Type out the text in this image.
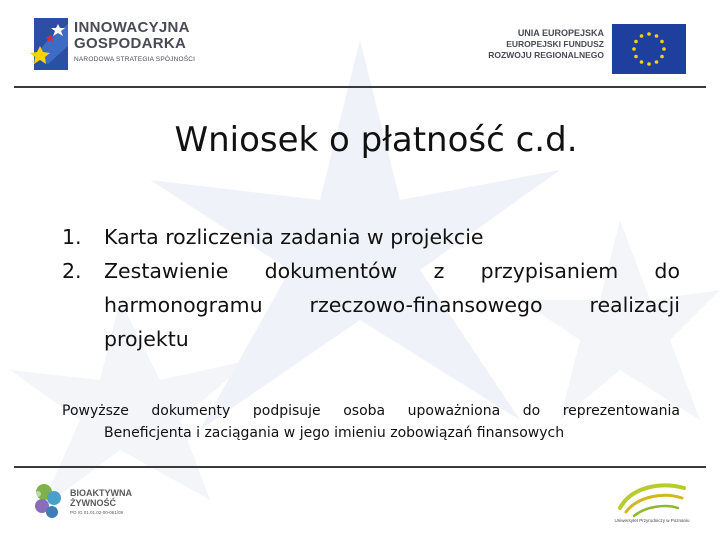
INNOWACYJNA
GOSPODARKA
NARODOWA STRATEGIA SPÓJNOŚCI
UNIA EUROPEJSKA
EUROPEJSKI FUNDUSZ
ROZWOJU REGIONALNEGO
Wniosek o płatność c.d.
1. Karta rozliczenia zadania w projekcie
2. Zestawienie dokumentów z przypisaniem do harmonogramu rzeczowo-finansowego realizacji projektu
Powyższe dokumenty podpisuje osoba upoważniona do reprezentowania
Beneficjenta i zaciągania w jego imieniu zobowiązań finansowych
BIOAKTYWNA
ŻYWNOŚĆ
PO IG 01.01.02-00-061/09
Uniwersytet Przyrodniczy w Poznaniu
